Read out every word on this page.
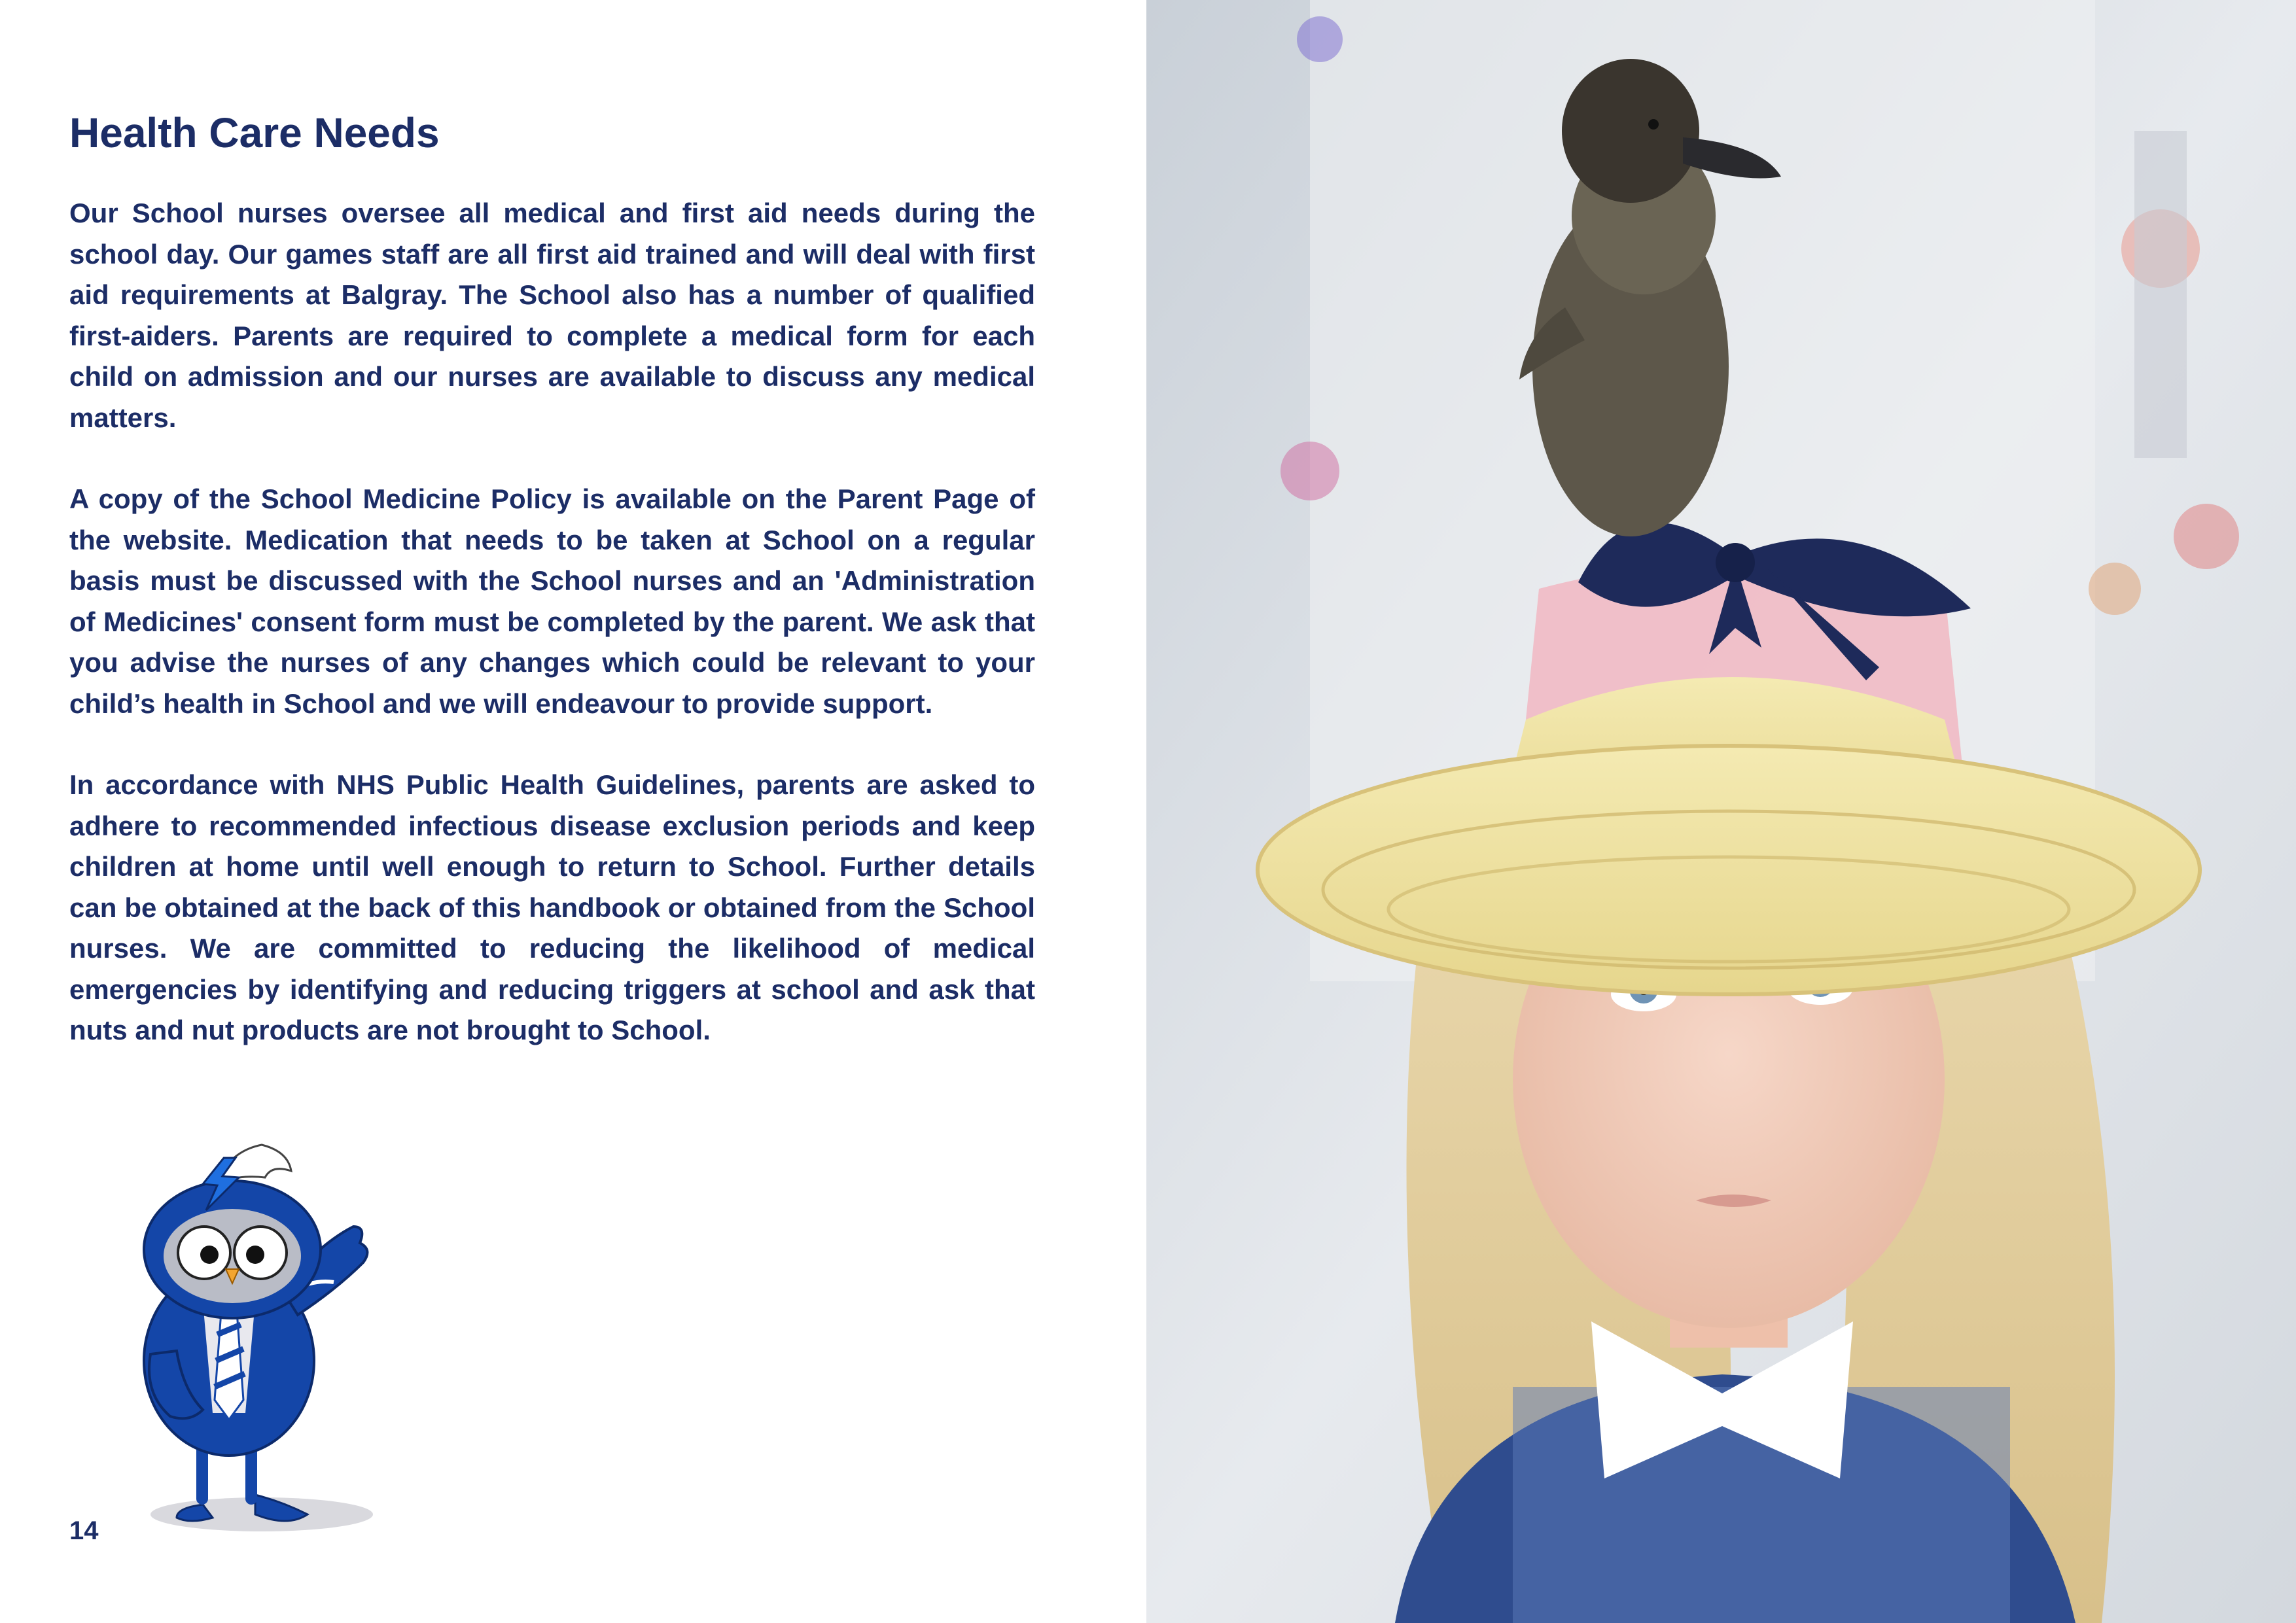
Health Care Needs

Our School nurses oversee all medical and first aid needs during the school day. Our games staff are all first aid trained and will deal with first aid requirements at Balgray. The School also has a number of qualified first-aiders. Parents are required to complete a medical form for each child on admission and our nurses are available to discuss any medical matters.

A copy of the School Medicine Policy is available on the Parent Page of the website. Medication that needs to be taken at School on a regular basis must be discussed with the School nurses and an 'Administration of Medicines' consent form must be completed by the parent. We ask that you advise the nurses of any changes which could be relevant to your child’s health in School and we will endeavour to provide support.

In accordance with NHS Public Health Guidelines, parents are asked to adhere to recommended infectious disease exclusion periods and keep children at home until well enough to return to School. Further details can be obtained at the back of this handbook or obtained from the School nurses. We are committed to reducing the likelihood of medical emergencies by identifying and reducing triggers at school and ask that nuts and nut products are not brought to School.

14
